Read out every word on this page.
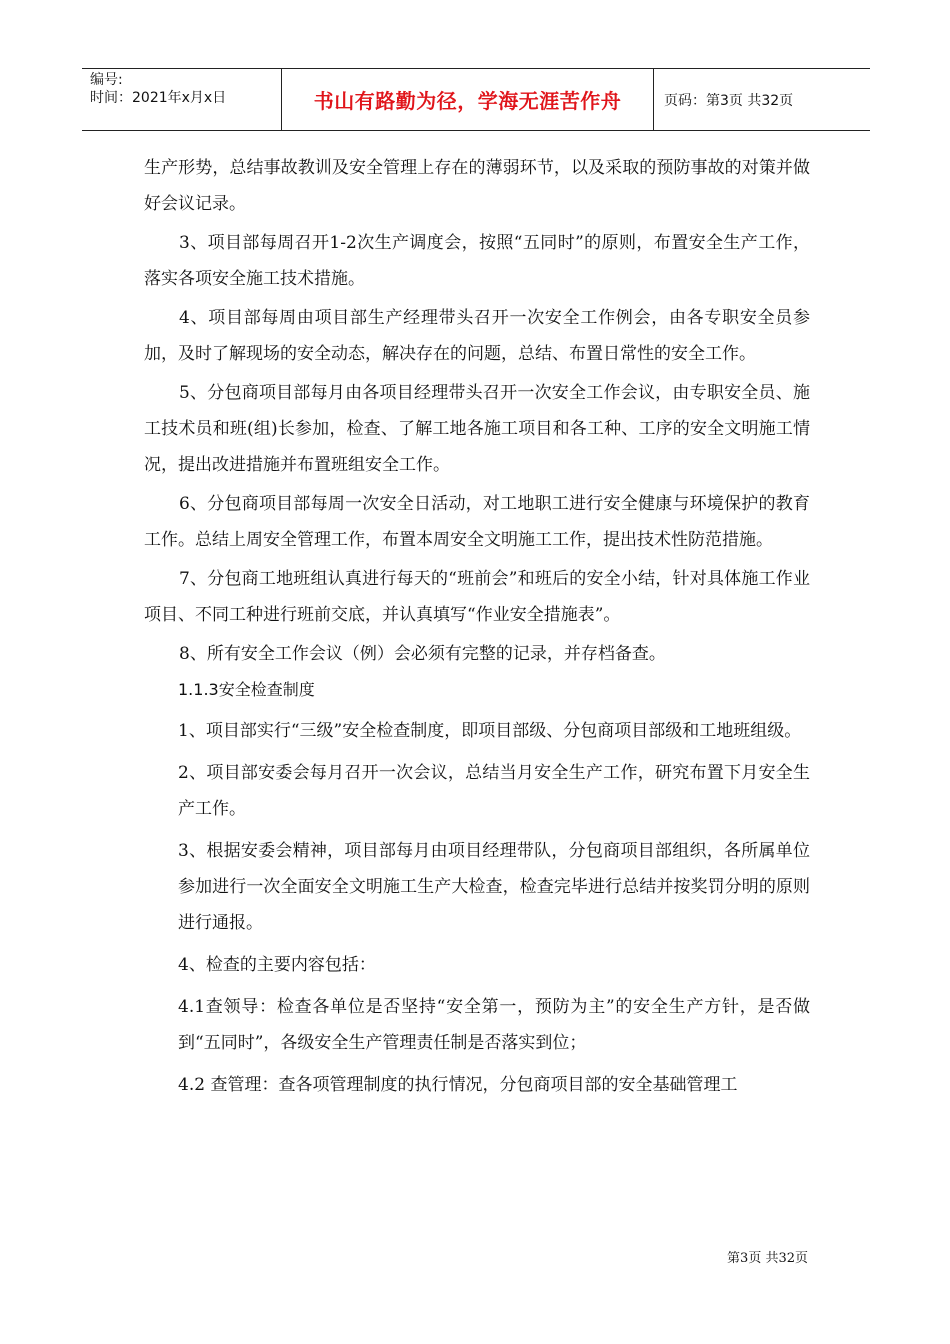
编号:
时间：2021年x月x日	书山有路勤为径，学海无涯苦作舟	页码：第3页 共32页

生产形势，总结事故教训及安全管理上存在的薄弱环节，以及采取的预防事故的对策并做好会议记录。

3、项目部每周召开1-2次生产调度会，按照“五同时”的原则，布置安全生产工作，落实各项安全施工技术措施。

4、项目部每周由项目部生产经理带头召开一次安全工作例会，由各专职安全员参加，及时了解现场的安全动态，解决存在的问题，总结、布置日常性的安全工作。

5、分包商项目部每月由各项目经理带头召开一次安全工作会议，由专职安全员、施工技术员和班(组)长参加，检查、了解工地各施工项目和各工种、工序的安全文明施工情况，提出改进措施并布置班组安全工作。

6、分包商项目部每周一次安全日活动，对工地职工进行安全健康与环境保护的教育工作。总结上周安全管理工作，布置本周安全文明施工工作，提出技术性防范措施。

7、分包商工地班组认真进行每天的“班前会”和班后的安全小结，针对具体施工作业项目、不同工种进行班前交底，并认真填写“作业安全措施表”。

8、所有安全工作会议（例）会必须有完整的记录，并存档备查。

1.1.3安全检查制度

1、项目部实行“三级”安全检查制度，即项目部级、分包商项目部级和工地班组级。

2、项目部安委会每月召开一次会议，总结当月安全生产工作，研究布置下月安全生产工作。

3、根据安委会精神，项目部每月由项目经理带队，分包商项目部组织，各所属单位参加进行一次全面安全文明施工生产大检查，检查完毕进行总结并按奖罚分明的原则进行通报。

4、检查的主要内容包括：

4.1查领导：检查各单位是否坚持“安全第一，预防为主”的安全生产方针，是否做到“五同时”，各级安全生产管理责任制是否落实到位；

4.2 查管理：查各项管理制度的执行情况，分包商项目部的安全基础管理工

第3页 共32页
